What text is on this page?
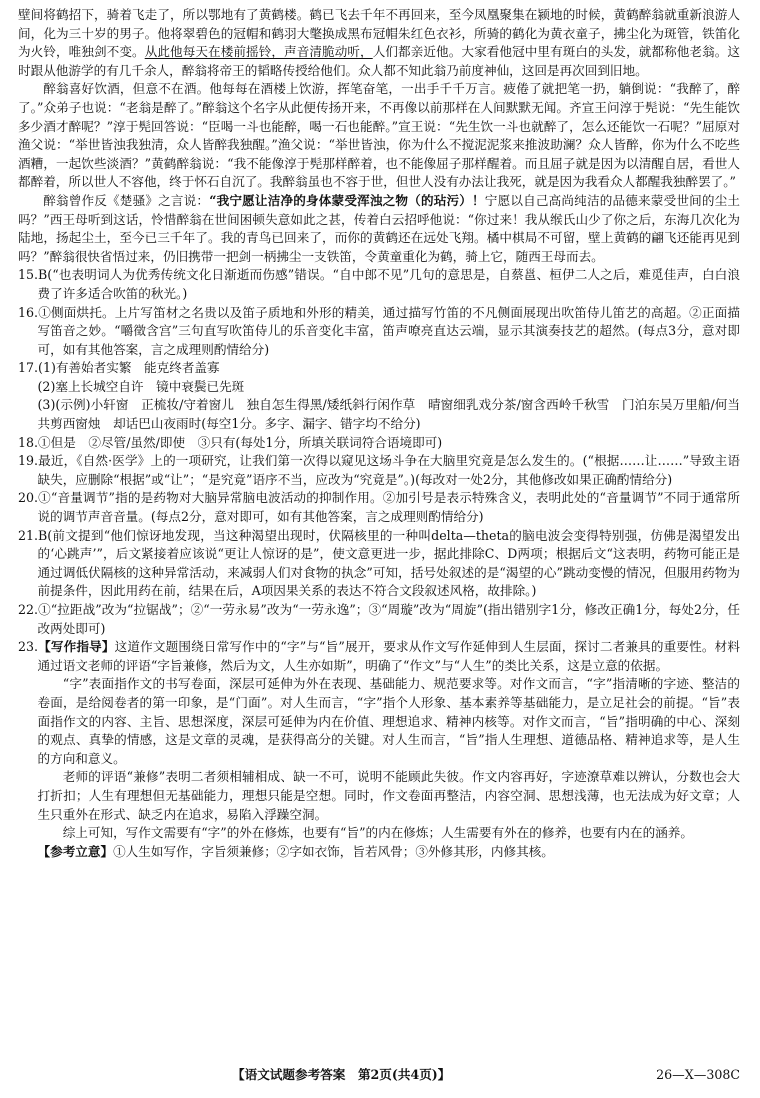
壁间将鹤招下，骑着飞走了，所以鄂地有了黄鹤楼。鹤已飞去千年不再回来，至今凤凰聚集在颍地的时候，黄鹤醉翁就重新浪游人间，化为三十岁的男子。他将翠碧色的冠帽和鹤羽大氅换成黑布冠帽朱红色衣衫，所骑的鹤化为黄衣童子，拂尘化为斑管，铁笛化为火铃，唯独剑不变。从此他每天在楼前摇铃，声音清脆动听，人们都亲近他。大家看他冠中里有斑白的头发，就都称他老翁。这时跟从他游学的有几千余人，醉翁将帝王的韬略传授给他们。众人都不知此翁乃前度神仙，这回是再次回到旧地。

醉翁喜好饮酒，但意不在酒。他每每在酒楼上饮游，挥笔奋笔，一出手千千万言。疲倦了就把笔一扔，躺倒说：“我醉了，醉了。”众弟子也说：“老翁是醉了。”醉翁这个名字从此便传扬开来，不再像以前那样在人间默默无闻。齐宣王问淳于髡说：“先生能饮多少酒才醉呢？”淳于髡回答说：“臣喝一斗也能醉，喝一石也能醉。”宣王说：“先生饮一斗也就醉了，怎么还能饮一石呢？”屈原对渔父说：“举世皆浊我独清，众人皆醉我独醒。”渔父说：“举世皆浊，你为什么不搅泥泥浆来推波助澜？众人皆醉，你为什么不吃些酒糟，一起饮些淡酒？”黄鹤醉翁说：“我不能像淳于髡那样醉着，也不能像屈子那样醒着。而且屈子就是因为以清醒自居，看世人都醉着，所以世人不容他，终于怀石自沉了。我醉翁虽也不容于世，但世人没有办法让我死，就是因为我看众人都醒我独醉罢了。”

醉翁曾作反《楚骚》之言说：“我宁愿让洁净的身体蒙受浑浊之物（的玷污）！宁愿以自己高尚纯洁的品德来蒙受世间的尘土吗？”西王母听到这话，怜惜醉翁在世间困顿失意如此之甚，传着白云招呼他说：“你过来！我从缑氏山少了你之后，东海几次化为陆地，扬起尘土，至今已三千年了。我的青鸟已回来了，而你的黄鹤还在远处飞翔。橘中棋局不可留，壁上黄鹤的翩飞还能再见到吗？”醉翁很快省悟过来，仍旧携带一把剑一柄拂尘一支铁笛，令黄童重化为鹤，骑上它，随西王母而去。

15.B(“也表明词人为优秀传统文化日渐逝而伤感”错误。“自中郎不见”几句的意思是，自蔡邕、桓伊二人之后，难觅佳声，白白浪费了许多适合吹笛的秋光。)

16.①侧面烘托。上片写笛材之名贵以及笛子质地和外形的精美，通过描写竹笛的不凡侧面展现出吹笛侍儿笛艺的高超。②正面描写笛音之妙。“嚼徵含宫”三句直写吹笛侍儿的乐音变化丰富，笛声嘹亮直达云端，显示其演奏技艺的超然。(每点3分，意对即可，如有其他答案，言之成理则酌情给分)

17.(1)有善始者实繁　能克终者盖寡

(2)塞上长城空自许　镜中衰鬓已先斑

(3)(示例)小轩窗　正梳妆/守着窗儿　独自怎生得黑/矮纸斜行闲作草　晴窗细乳戏分茶/窗含西岭千秋雪　门泊东吴万里船/何当共剪西窗烛　却话巴山夜雨时(每空1分。多字、漏字、错字均不给分)

18.①但是　②尽管/虽然/即使　③只有(每处1分，所填关联词符合语境即可)

19.最近，《自然·医学》上的一项研究，让我们第一次得以窥见这场斗争在大脑里究竟是怎么发生的。(“根据……让……”导致主语缺失，应删除“根据”或“让”；“是究竟”语序不当，应改为“究竟是”。)(每改对一处2分，其他修改如果正确酌情给分)

20.①“音量调节”指的是药物对大脑异常脑电波活动的抑制作用。②加引号是表示特殊含义，表明此处的“音量调节”不同于通常所说的调节声音音量。(每点2分，意对即可，如有其他答案，言之成理则酌情给分)

21.B(前文提到“他们惊讶地发现，当这种渴望出现时，伏隔核里的一种叫delta—theta的脑电波会变得特别强，仿佛是渴望发出的‘心跳声’”，后文紧接着应该说“更让人惊讶的是”，使文意更进一步，据此排除C、D两项；根据后文“这表明，药物可能正是通过调低伏隔核的这种异常活动，来减弱人们对食物的执念”可知，括号处叙述的是“渴望的心”跳动变慢的情况，但服用药物为前提条件，因此用药在前，结果在后，A项因果关系的表达不符合文段叙述风格，故排除。)

22.①“拉距战”改为“拉锯战”；②“一劳永易”改为“一劳永逸”；③“周璇”改为“周旋”(指出错别字1分，修改正确1分，每处2分，任改两处即可)

23.【写作指导】这道作文题围绕日常写作中的“字”与“旨”展开，要求从作文写作延伸到人生层面，探讨二者兼具的重要性。材料通过语文老师的评语“字旨兼修，然后为文，人生亦如斯”，明确了“作文”与“人生”的类比关系，这是立意的依据。

“字”表面指作文的书写卷面，深层可延伸为外在表现、基础能力、规范要求等。对作文而言，“字”指清晰的字迹、整洁的卷面，是给阅卷者的第一印象，是“门面”。对人生而言，“字”指个人形象、基本素养等基础能力，是立足社会的前提。“旨”表面指作文的内容、主旨、思想深度，深层可延伸为内在价值、理想追求、精神内核等。对作文而言，“旨”指明确的中心、深刻的观点、真挚的情感，这是文章的灵魂，是获得高分的关键。对人生而言，“旨”指人生理想、道德品格、精神追求等，是人生的方向和意义。

老师的评语“兼修”表明二者须相辅相成、缺一不可，说明不能顾此失彼。作文内容再好，字迹潦草难以辨认，分数也会大打折扣；人生有理想但无基础能力，理想只能是空想。同时，作文卷面再整洁，内容空洞、思想浅薄，也无法成为好文章；人生只重外在形式、缺乏内在追求，易陷入浮躁空洞。

综上可知，写作文需要有“字”的外在修炼，也要有“旨”的内在修炼；人生需要有外在的修养，也要有内在的涵养。

【参考立意】①人生如写作，字旨须兼修；②字如衣饰，旨若风骨；③外修其形，内修其核。

【语文试题参考答案　第2页(共4页)】	26—X—308C
